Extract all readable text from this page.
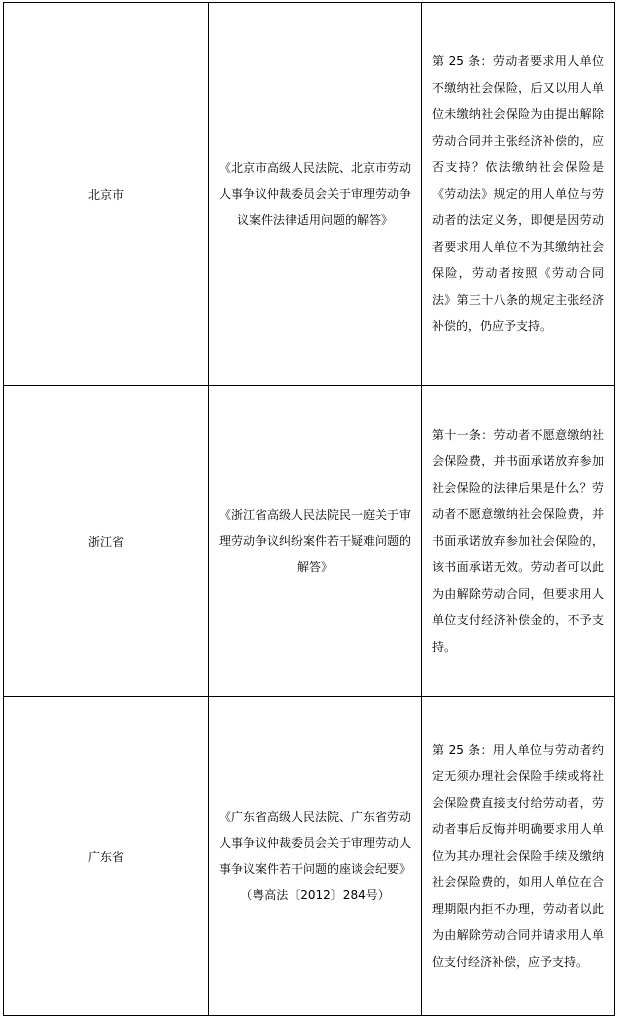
北京市	《北京市高级人民法院、北京市劳动人事争议仲裁委员会关于审理劳动争议案件法律适用问题的解答》	第 25 条：劳动者要求用人单位不缴纳社会保险，后又以用人单位未缴纳社会保险为由提出解除劳动合同并主张经济补偿的，应否支持？依法缴纳社会保险是《劳动法》规定的用人单位与劳动者的法定义务，即便是因劳动者要求用人单位不为其缴纳社会保险，劳动者按照《劳动合同法》第三十八条的规定主张经济补偿的，仍应予支持。
浙江省	《浙江省高级人民法院民一庭关于审理劳动争议纠纷案件若干疑难问题的解答》	第十一条：劳动者不愿意缴纳社会保险费，并书面承诺放弃参加社会保险的法律后果是什么？劳动者不愿意缴纳社会保险费，并书面承诺放弃参加社会保险的，该书面承诺无效。劳动者可以此为由解除劳动合同，但要求用人单位支付经济补偿金的，不予支持。
广东省	《广东省高级人民法院、广东省劳动人事争议仲裁委员会关于审理劳动人事争议案件若干问题的座谈会纪要》（粤高法〔2012〕284号）	第 25 条：用人单位与劳动者约定无须办理社会保险手续或将社会保险费直接支付给劳动者，劳动者事后反悔并明确要求用人单位为其办理社会保险手续及缴纳社会保险费的，如用人单位在合理期限内拒不办理，劳动者以此为由解除劳动合同并请求用人单位支付经济补偿，应予支持。
